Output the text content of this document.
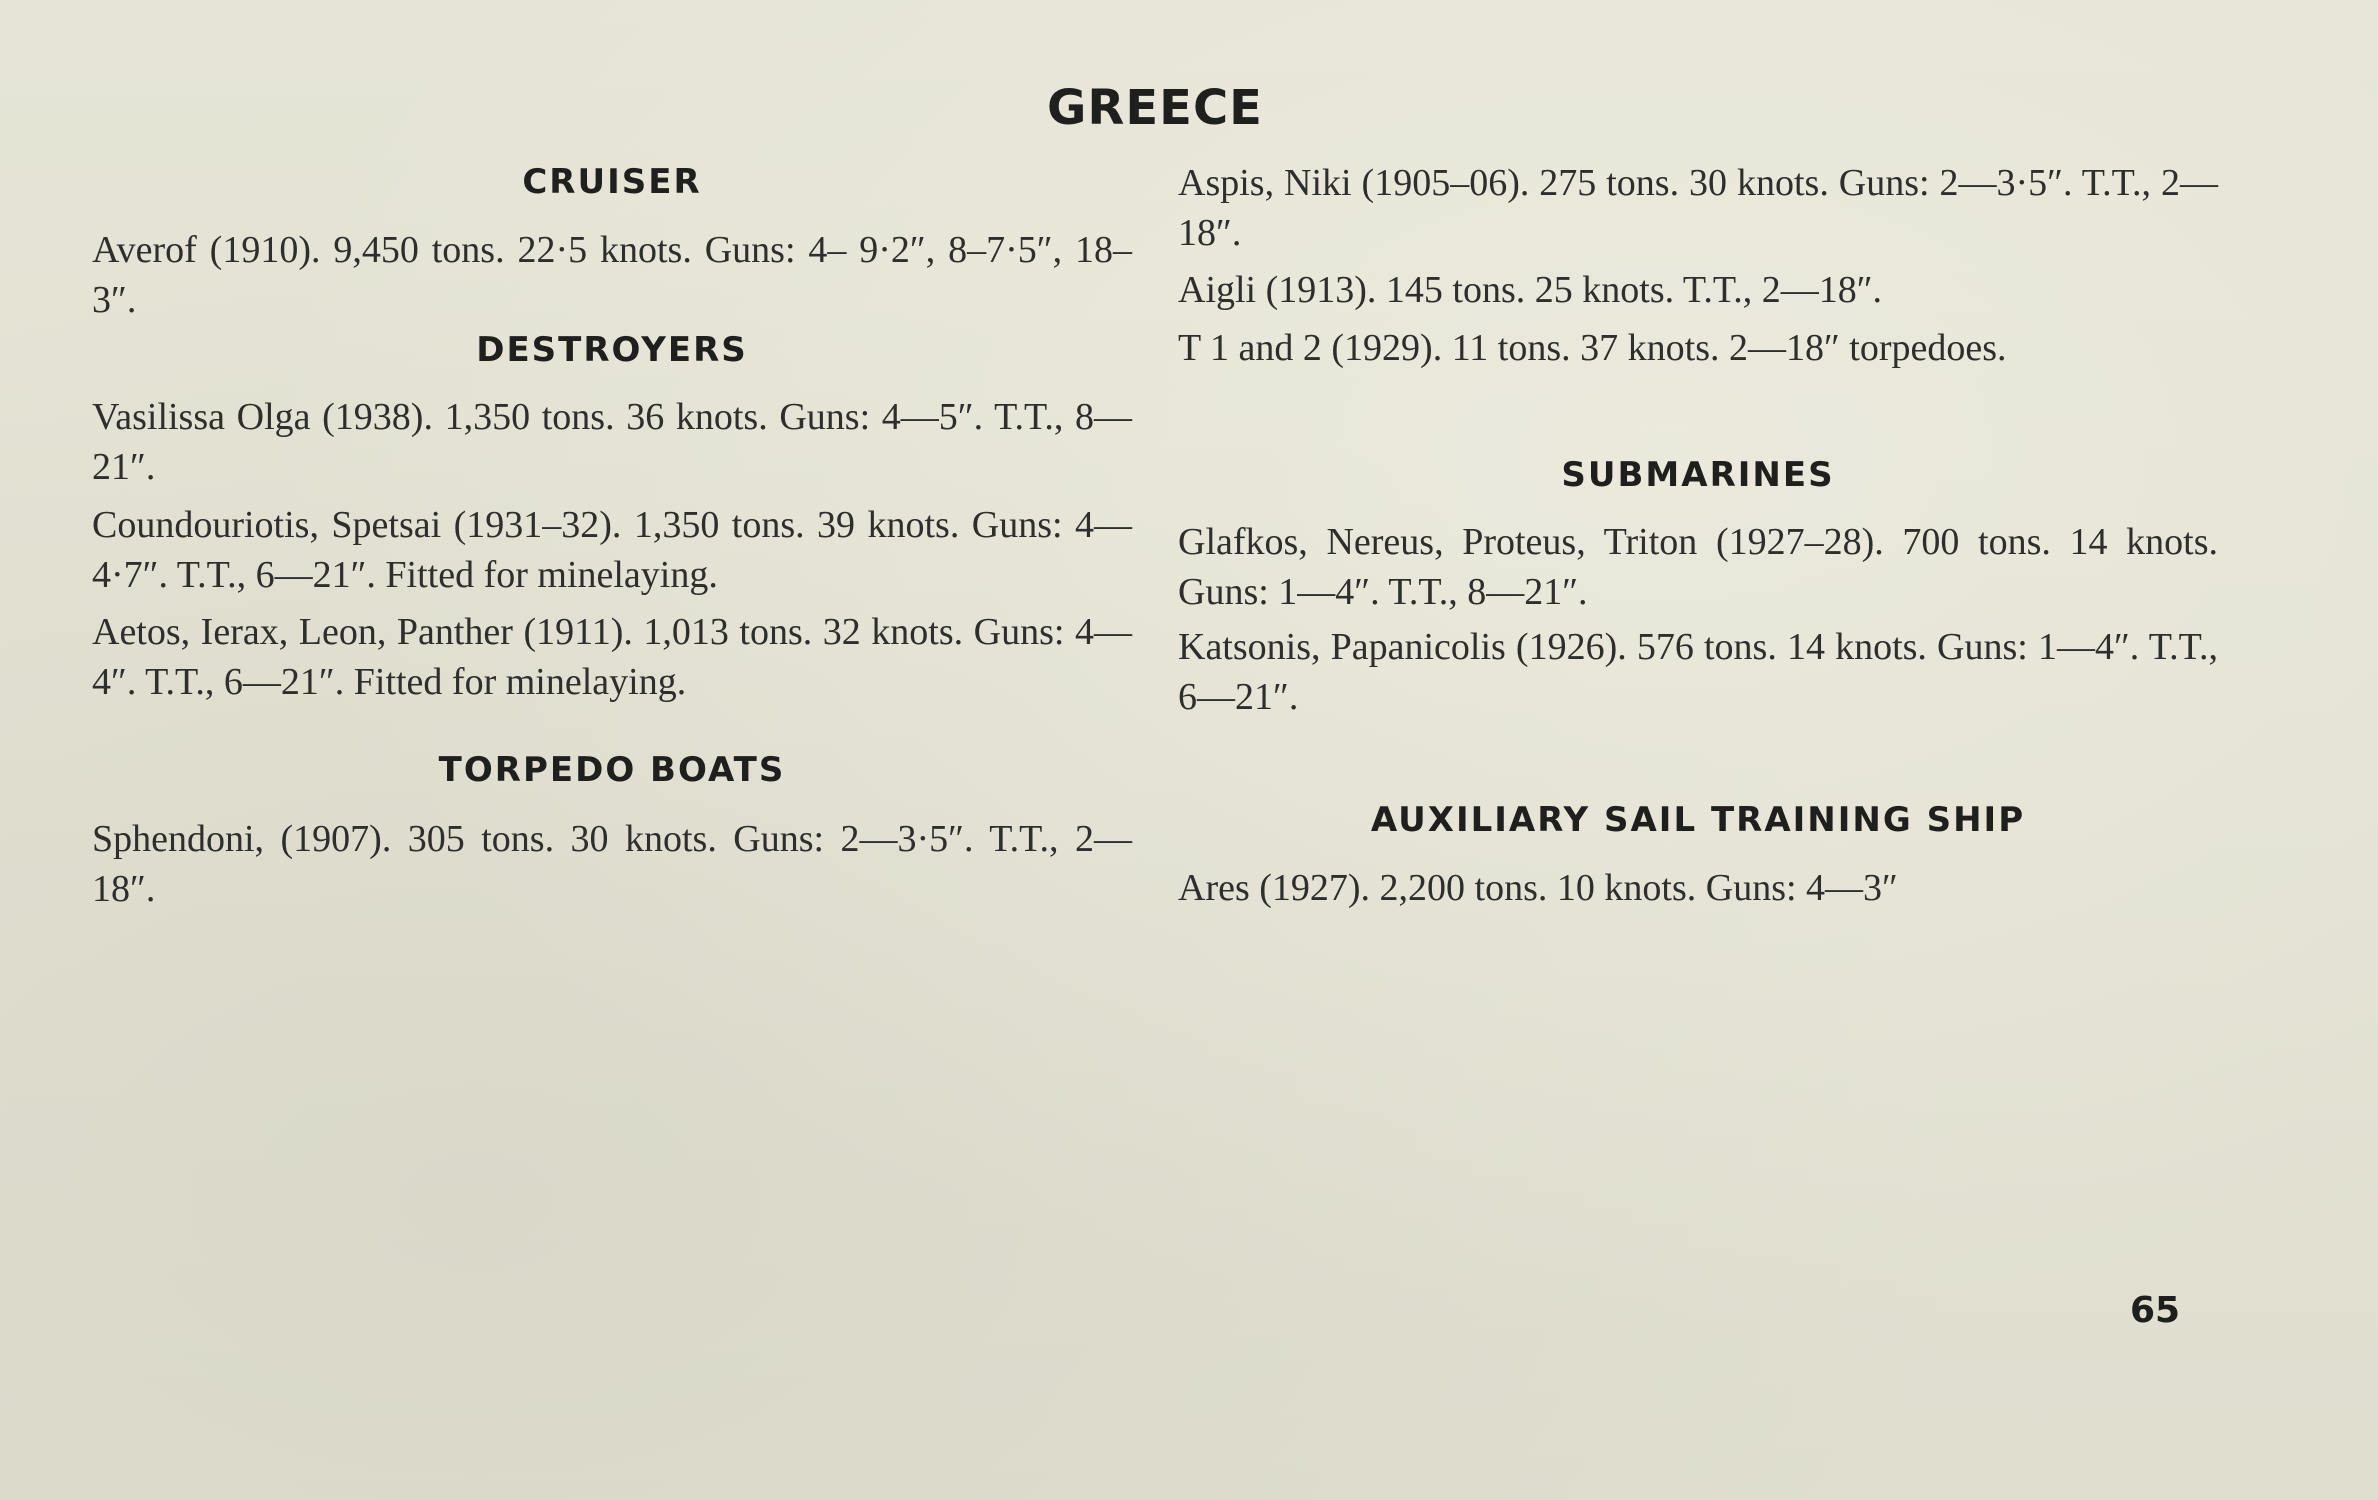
GREECE
CRUISER
Averof (1910). 9,450 tons. 22·5 knots. Guns: 4– 9·2″, 8–7·5″, 18–3″.
DESTROYERS
Vasilissa Olga (1938). 1,350 tons. 36 knots. Guns: 4—5″. T.T., 8—21″.
Coundouriotis, Spetsai (1931–32). 1,350 tons. 39 knots. Guns: 4—4·7″. T.T., 6—21″. Fitted for minelaying.
Aetos, Ierax, Leon, Panther (1911). 1,013 tons. 32 knots. Guns: 4—4″. T.T., 6—21″. Fitted for minelaying.
TORPEDO BOATS
Sphendoni, (1907). 305 tons. 30 knots. Guns: 2—3·5″. T.T., 2—18″.
Aspis, Niki (1905–06). 275 tons. 30 knots. Guns: 2—3·5″. T.T., 2—18″.
Aigli (1913). 145 tons. 25 knots. T.T., 2—18″.
T 1 and 2 (1929). 11 tons. 37 knots. 2—18″ torpedoes.
SUBMARINES
Glafkos, Nereus, Proteus, Triton (1927–28). 700 tons. 14 knots. Guns: 1—4″. T.T., 8—21″.
Katsonis, Papanicolis (1926). 576 tons. 14 knots. Guns: 1—4″. T.T., 6—21″.
AUXILIARY SAIL TRAINING SHIP
Ares (1927). 2,200 tons. 10 knots. Guns: 4—3″
65
